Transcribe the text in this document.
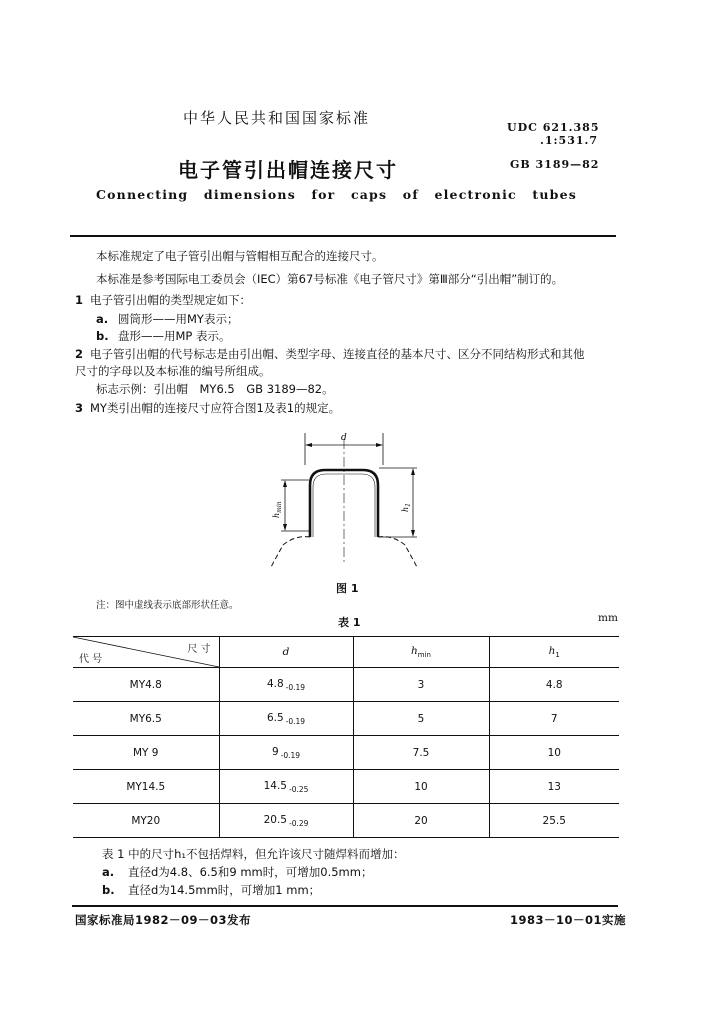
中华人民共和国国家标准
UDC 621.385
.1:531.7
电子管引出帽连接尺寸	GB 3189—82
Connecting dimensions for caps of electronic tubes
本标准规定了电子管引出帽与管帽相互配合的连接尺寸。
本标准是参考国际电工委员会（IEC）第67号标准《电子管尺寸》第Ⅲ部分“引出帽”制订的。
1 电子管引出帽的类型规定如下：
a. 圆筒形——用MY表示；
b. 盘形——用MP 表示。
2 电子管引出帽的代号标志是由引出帽、类型字母、连接直径的基本尺寸、区分不同结构形式和其他
尺寸的字母以及本标准的编号所组成。
标志示例：引出帽　MY6.5　GB 3189—82。
3 MY类引出帽的连接尺寸应符合图1及表1的规定。
d
$h_{min}$	$h_1$
图 1
注：图中虚线表示底部形状任意。
表 1	mm
尺 寸
代 号	d	$h_{min}$	$h_1$
MY4.8	4.8 $_{-0.19}$	3	4.8
MY6.5	6.5 $_{-0.19}$	5	7
MY 9	9 $_{-0.19}$	7.5	10
MY14.5	14.5 $_{-0.25}$	10	13
MY20	20.5 $_{-0.29}$	20	25.5
表 1 中的尺寸h₁不包括焊料，但允许该尺寸随焊料而增加：
a. 直径d为4.8、6.5和9 mm时，可增加0.5mm；
b. 直径d为14.5mm时，可增加1 mm；
国家标准局1982－09－03发布	1983－10－01实施
